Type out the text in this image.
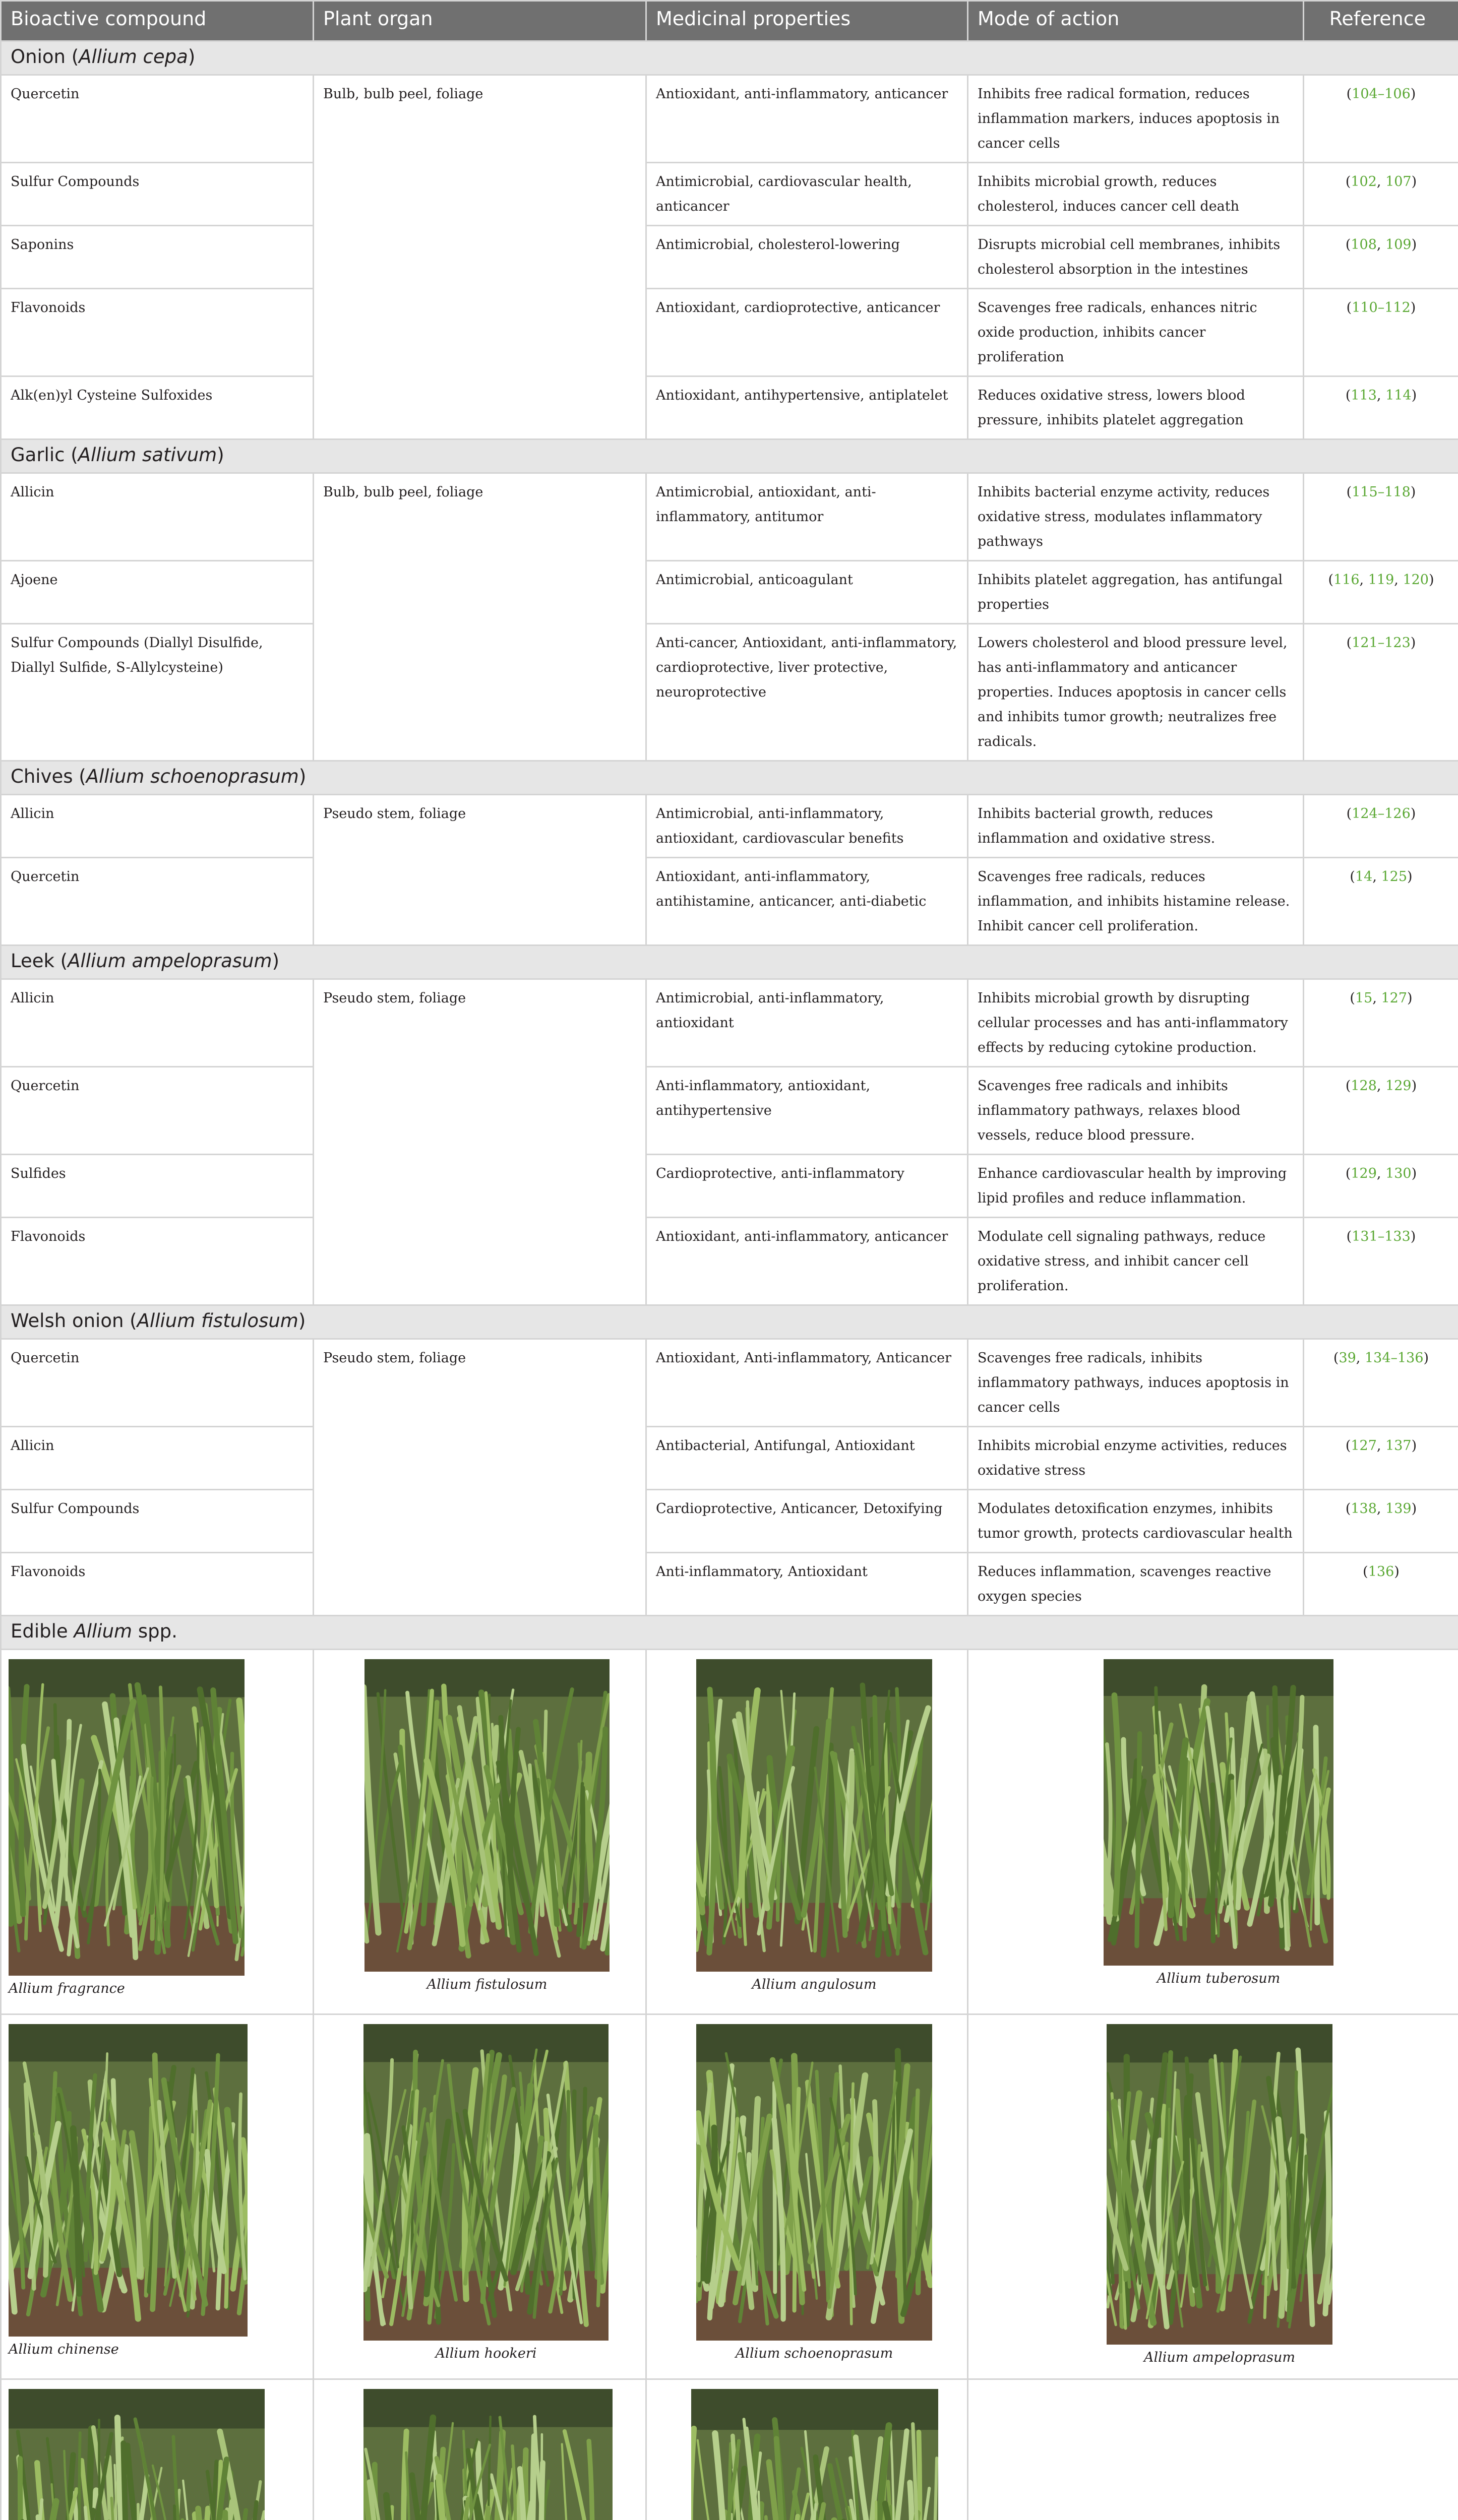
Bioactive compound	Plant organ	Medicinal properties	Mode of action	Reference
Onion (Allium cepa)				
Quercetin	Bulb, bulb peel, foliage	Antioxidant, anti-inflammatory, anticancer	Inhibits free radical formation, reduces inflammation markers, induces apoptosis in cancer cells	(104–106)
Sulfur Compounds		Antimicrobial, cardiovascular health, anticancer	Inhibits microbial growth, reduces cholesterol, induces cancer cell death	(102, 107)
Saponins		Antimicrobial, cholesterol-lowering	Disrupts microbial cell membranes, inhibits cholesterol absorption in the intestines	(108, 109)
Flavonoids		Antioxidant, cardioprotective, anticancer	Scavenges free radicals, enhances nitric oxide production, inhibits cancer proliferation	(110–112)
Alk(en)yl Cysteine Sulfoxides		Antioxidant, antihypertensive, antiplatelet	Reduces oxidative stress, lowers blood pressure, inhibits platelet aggregation	(113, 114)
Garlic (Allium sativum)				
Allicin	Bulb, bulb peel, foliage	Antimicrobial, antioxidant, anti-inflammatory, antitumor	Inhibits bacterial enzyme activity, reduces oxidative stress, modulates inflammatory pathways	(115–118)
Ajoene		Antimicrobial, anticoagulant	Inhibits platelet aggregation, has antifungal properties	(116, 119, 120)
Sulfur Compounds (Diallyl Disulfide, Diallyl Sulfide, S-Allylcysteine)		Anti-cancer, Antioxidant, anti-inflammatory, cardioprotective, liver protective, neuroprotective	Lowers cholesterol and blood pressure level, has anti-inflammatory and anticancer properties. Induces apoptosis in cancer cells and inhibits tumor growth; neutralizes free radicals.	(121–123)
Chives (Allium schoenoprasum)				
Allicin	Pseudo stem, foliage	Antimicrobial, anti-inflammatory, antioxidant, cardiovascular benefits	Inhibits bacterial growth, reduces inflammation and oxidative stress.	(124–126)
Quercetin		Antioxidant, anti-inflammatory, antihistamine, anticancer, anti-diabetic	Scavenges free radicals, reduces inflammation, and inhibits histamine release. Inhibit cancer cell proliferation.	(14, 125)
Leek (Allium ampeloprasum)				
Allicin	Pseudo stem, foliage	Antimicrobial, anti-inflammatory, antioxidant	Inhibits microbial growth by disrupting cellular processes and has anti-inflammatory effects by reducing cytokine production.	(15, 127)
Quercetin		Anti-inflammatory, antioxidant, antihypertensive	Scavenges free radicals and inhibits inflammatory pathways, relaxes blood vessels, reduce blood pressure.	(128, 129)
Sulfides		Cardioprotective, anti-inflammatory	Enhance cardiovascular health by improving lipid profiles and reduce inflammation.	(129, 130)
Flavonoids		Antioxidant, anti-inflammatory, anticancer	Modulate cell signaling pathways, reduce oxidative stress, and inhibit cancer cell proliferation.	(131–133)
Welsh onion (Allium fistulosum)				
Quercetin	Pseudo stem, foliage	Antioxidant, Anti-inflammatory, Anticancer	Scavenges free radicals, inhibits inflammatory pathways, induces apoptosis in cancer cells	(39, 134–136)
Allicin		Antibacterial, Antifungal, Antioxidant	Inhibits microbial enzyme activities, reduces oxidative stress	(127, 137)
Sulfur Compounds		Cardioprotective, Anticancer, Detoxifying	Modulates detoxification enzymes, inhibits tumor growth, protects cardiovascular health	(138, 139)
Flavonoids		Anti-inflammatory, Antioxidant	Reduces inflammation, scavenges reactive oxygen species	(136)
Edible Allium spp.				

Allium fragrance	Allium fistulosum	Allium angulosum	Allium tuberosum	

Allium chinense	Allium hookeri	Allium schoenoprasum	Allium ampeloprasum	
